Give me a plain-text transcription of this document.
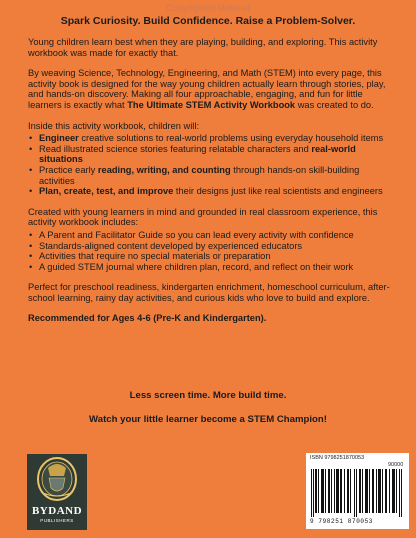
Copyrighted Material
Spark Curiosity. Build Confidence. Raise a Problem-Solver.

Young children learn best when they are playing, building, and exploring. This activity workbook was made for exactly that.

By weaving Science, Technology, Engineering, and Math (STEM) into every page, this activity book is designed for the way young children actually learn through stories, play, and hands-on discovery. Making all four approachable, engaging, and fun for little learners is exactly what The Ultimate STEM Activity Workbook was created to do.

Inside this activity workbook, children will:

• Engineer creative solutions to real-world problems using everyday household items
• Read illustrated science stories featuring relatable characters and real-world situations
• Practice early reading, writing, and counting through hands-on skill-building activities
• Plan, create, test, and improve their designs just like real scientists and engineers

Created with young learners in mind and grounded in real classroom experience, this activity workbook includes:

• A Parent and Facilitator Guide so you can lead every activity with confidence
• Standards-aligned content developed by experienced educators
• Activities that require no special materials or preparation
• A guided STEM journal where children plan, record, and reflect on their work

Perfect for preschool readiness, kindergarten enrichment, homeschool curriculum, after-school learning, rainy day activities, and curious kids who love to build and explore.

Recommended for Ages 4-6 (Pre-K and Kindergarten).

Less screen time. More build time.
Watch your little learner become a STEM Champion!
BYDAND
PUBLISHERS
ISBN 9798251870053
90000
9 798251 870053
